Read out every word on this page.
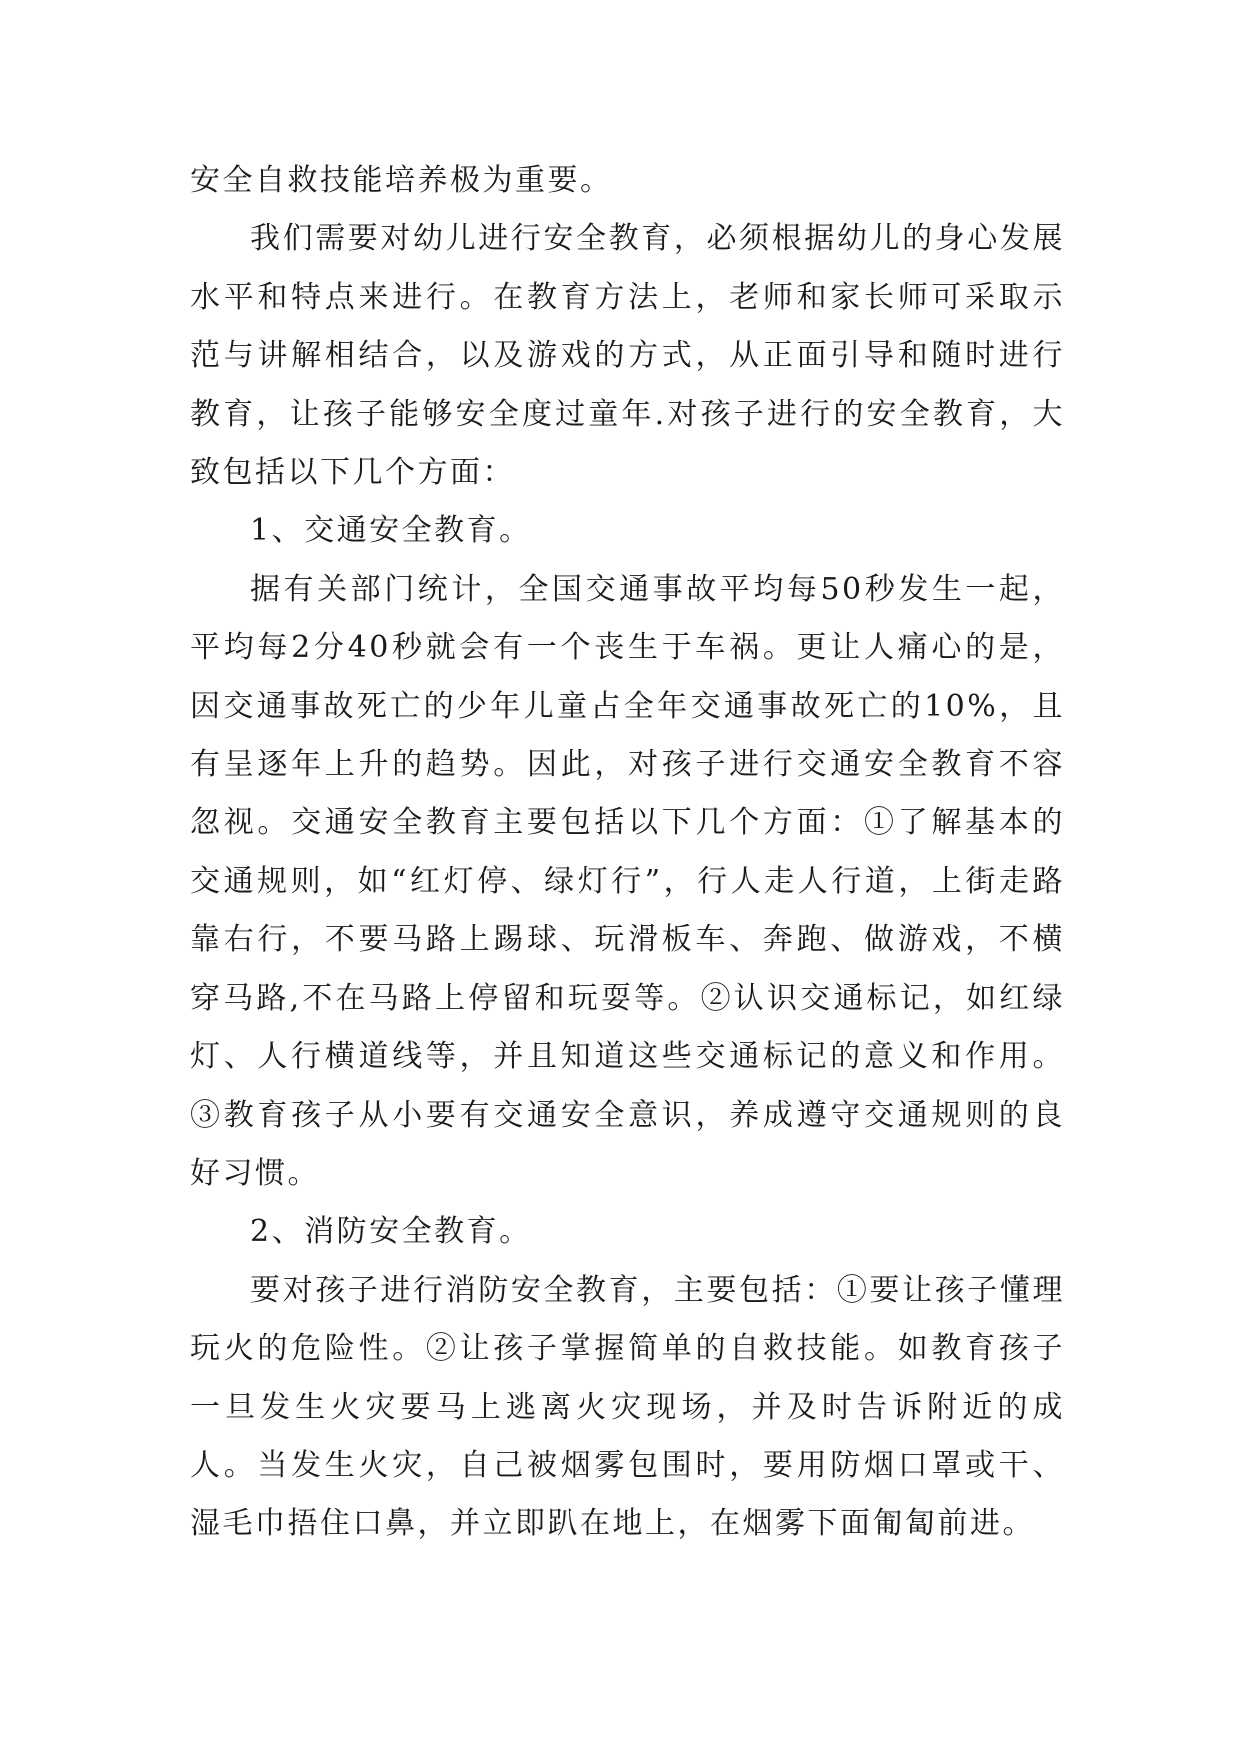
安全自救技能培养极为重要。

我们需要对幼儿进行安全教育，必须根据幼儿的身心发展水平和特点来进行。在教育方法上，老师和家长师可采取示范与讲解相结合，以及游戏的方式，从正面引导和随时进行教育，让孩子能够安全度过童年.对孩子进行的安全教育，大致包括以下几个方面：

1、交通安全教育。

据有关部门统计，全国交通事故平均每50秒发生一起，平均每2分40秒就会有一个丧生于车祸。更让人痛心的是，因交通事故死亡的少年儿童占全年交通事故死亡的10%，且有呈逐年上升的趋势。因此，对孩子进行交通安全教育不容忽视。交通安全教育主要包括以下几个方面：①了解基本的交通规则，如“红灯停、绿灯行”，行人走人行道，上街走路靠右行，不要马路上踢球、玩滑板车、奔跑、做游戏，不横穿马路,不在马路上停留和玩耍等。②认识交通标记，如红绿灯、人行横道线等，并且知道这些交通标记的意义和作用。③教育孩子从小要有交通安全意识，养成遵守交通规则的良好习惯。

2、消防安全教育。

要对孩子进行消防安全教育，主要包括：①要让孩子懂理玩火的危险性。②让孩子掌握简单的自救技能。如教育孩子一旦发生火灾要马上逃离火灾现场，并及时告诉附近的成人。当发生火灾，自己被烟雾包围时，要用防烟口罩或干、湿毛巾捂住口鼻，并立即趴在地上，在烟雾下面匍匐前进。
